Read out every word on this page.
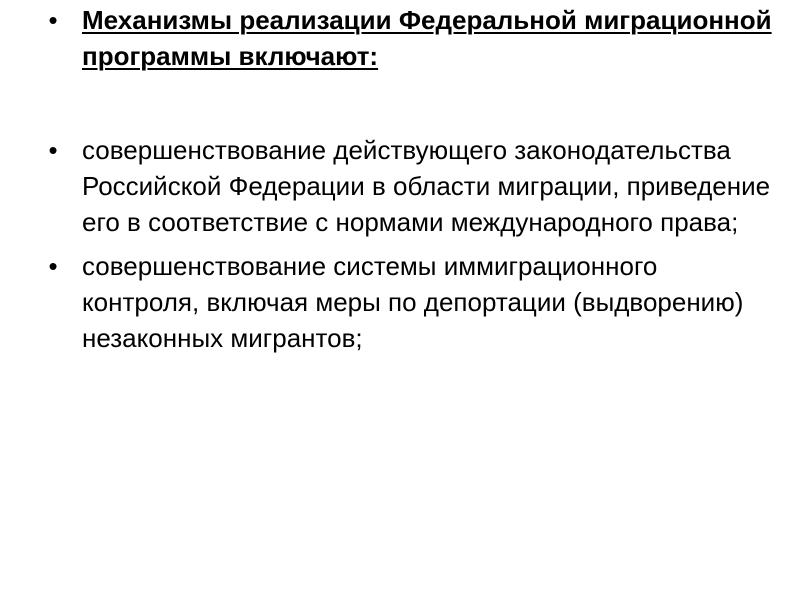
• Механизмы реализации Федеральной миграционной программы включают:
• совершенствование действующего законодательства Российской Федерации в области миграции, приведение его в соответствие с нормами международного права;
• совершенствование системы иммиграционного контроля, включая меры по депортации (выдворению) незаконных мигрантов;
